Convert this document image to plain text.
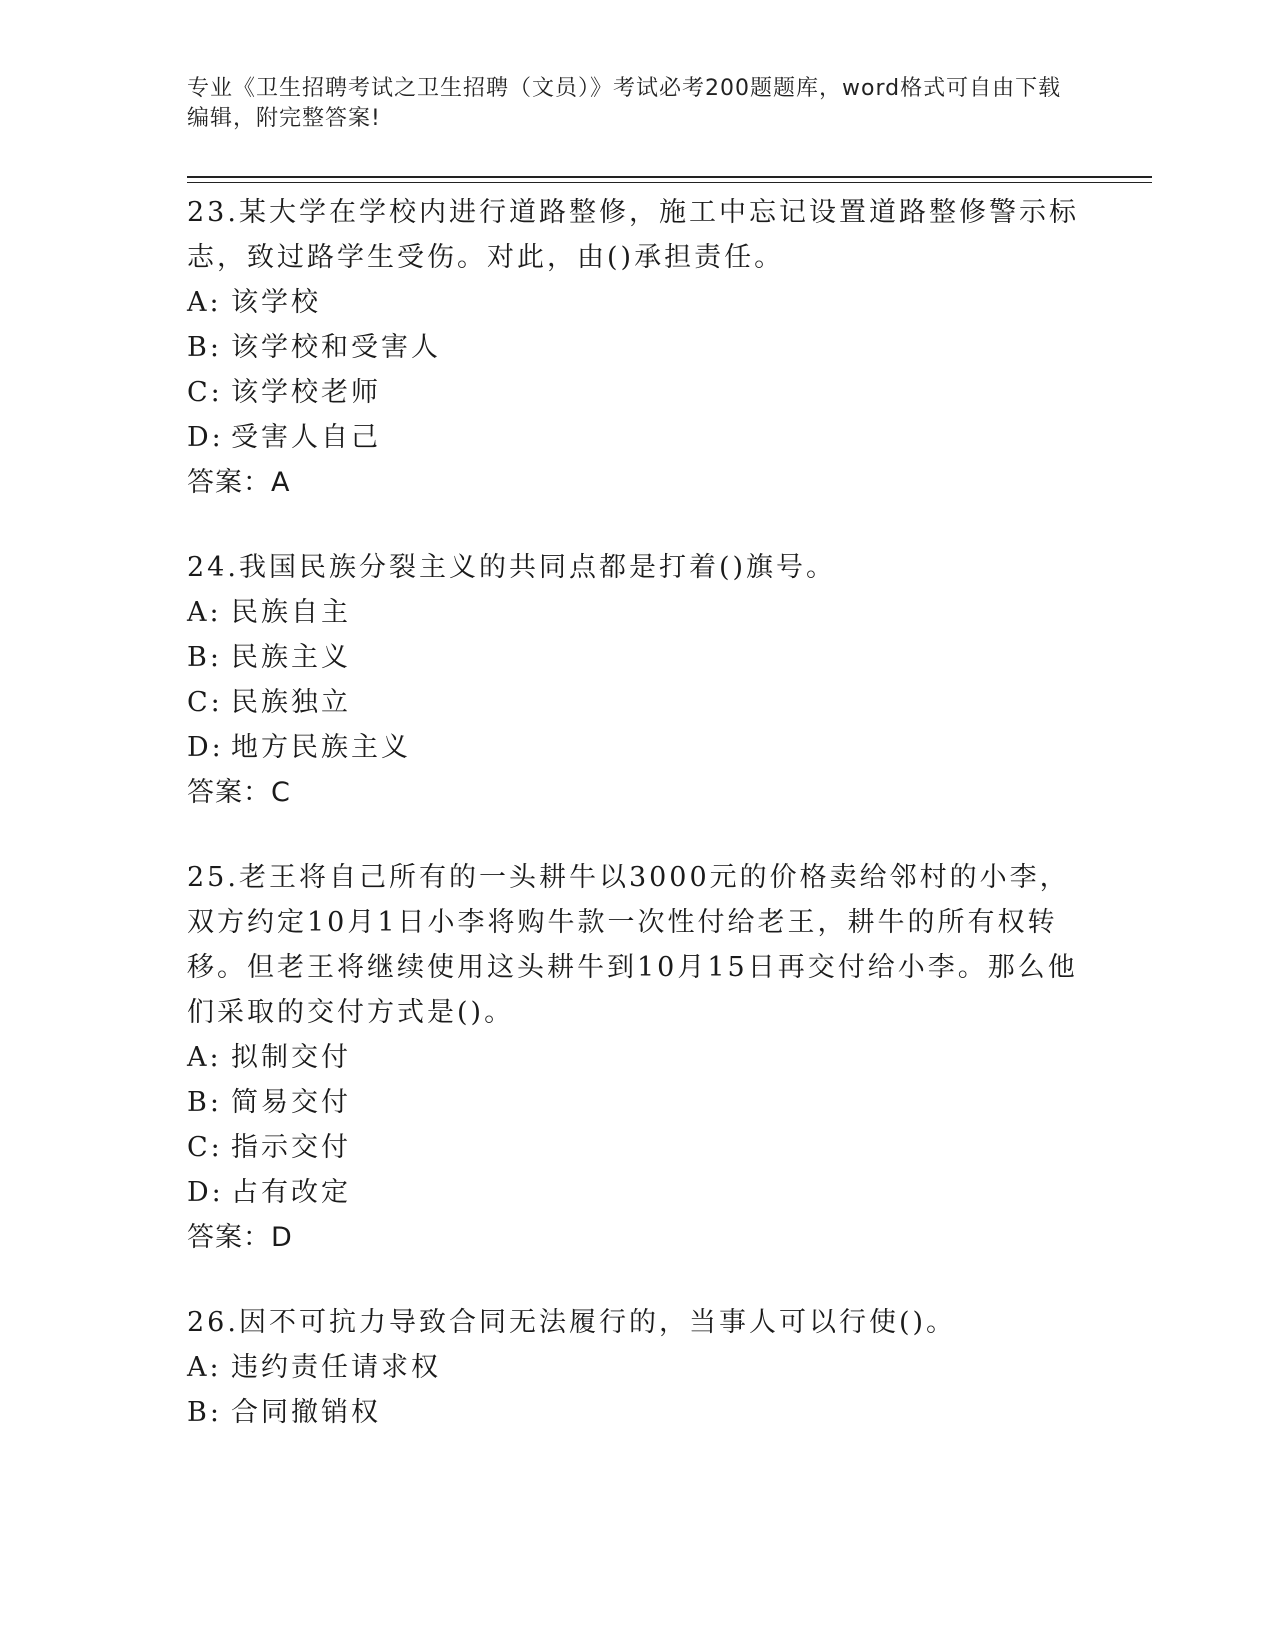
专业《卫生招聘考试之卫生招聘（文员）》考试必考200题题库，word格式可自由下载编辑，附完整答案!

23.某大学在学校内进行道路整修，施工中忘记设置道路整修警示标志，致过路学生受伤。对此，由()承担责任。

A: 该学校

B: 该学校和受害人

C: 该学校老师

D: 受害人自己

答案：A

24.我国民族分裂主义的共同点都是打着()旗号。

A: 民族自主

B: 民族主义

C: 民族独立

D: 地方民族主义

答案：C

25.老王将自己所有的一头耕牛以3000元的价格卖给邻村的小李，双方约定10月1日小李将购牛款一次性付给老王，耕牛的所有权转移。但老王将继续使用这头耕牛到10月15日再交付给小李。那么他们采取的交付方式是()。

A: 拟制交付

B: 简易交付

C: 指示交付

D: 占有改定

答案：D

26.因不可抗力导致合同无法履行的，当事人可以行使()。

A: 违约责任请求权

B: 合同撤销权
